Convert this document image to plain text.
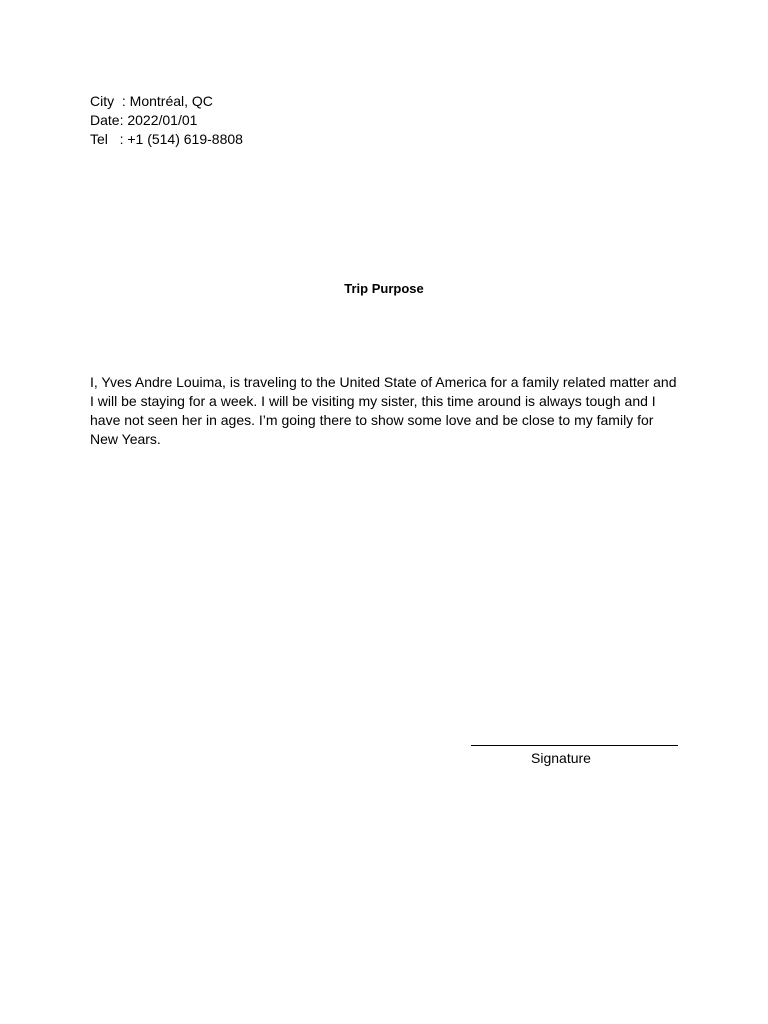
City  : Montréal, QC
Date: 2022/01/01
Tel   : +1 (514) 619-8808
Trip Purpose
I, Yves Andre Louima, is traveling to the United State of America for a family related matter and I will be staying for a week. I will be visiting my sister, this time around is always tough and I have not seen her in ages. I’m going there to show some love and be close to my family for New Years.
Signature
